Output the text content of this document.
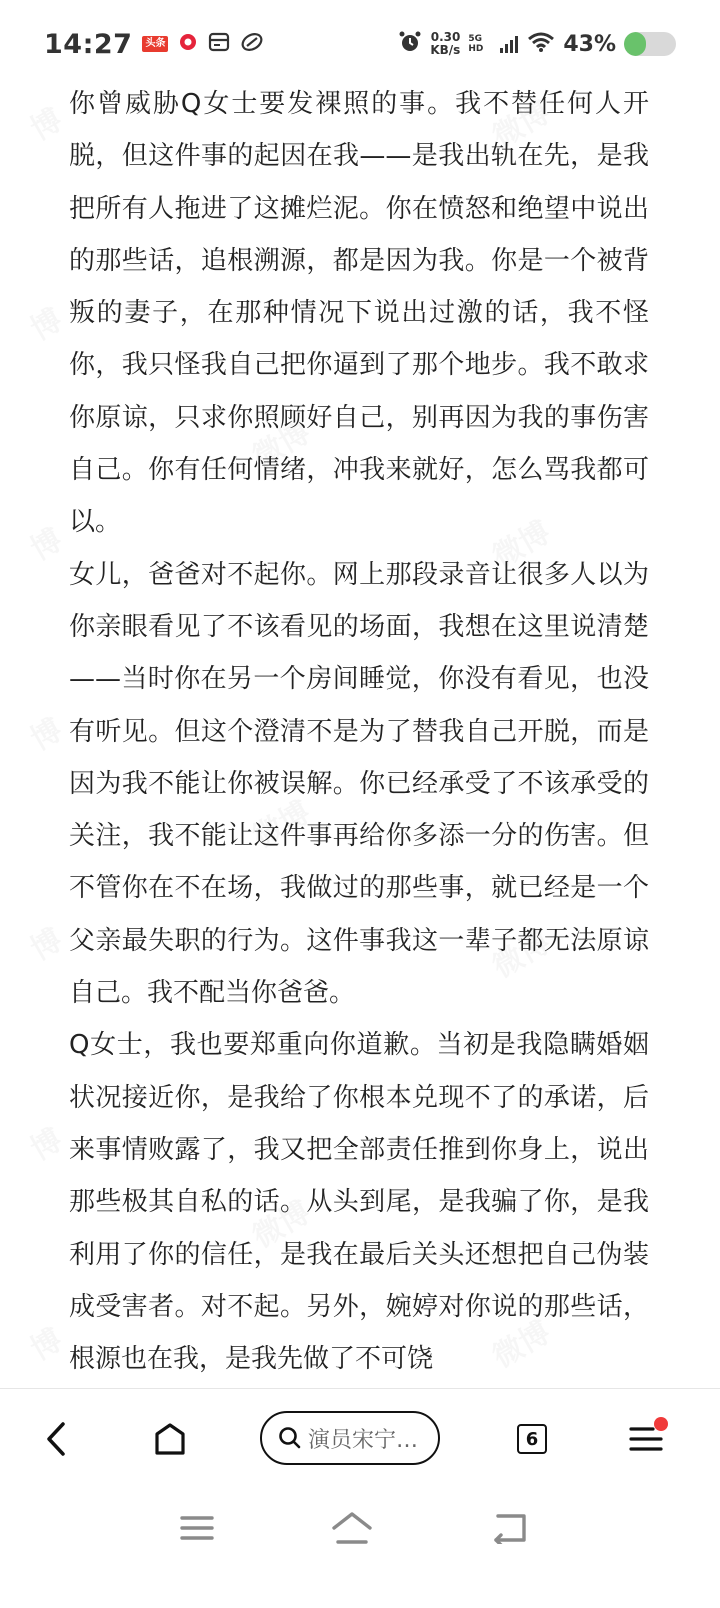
14:27	头条	0.30
KB/s
5G HD	43%

你曾威胁Q女士要发裸照的事。我不替任何人开脱，但这件事的起因在我——是我出轨在先，是我把所有人拖进了这摊烂泥。你在愤怒和绝望中说出的那些话，追根溯源，都是因为我。你是一个被背叛的妻子，在那种情况下说出过激的话，我不怪你，我只怪我自己把你逼到了那个地步。我不敢求你原谅，只求你照顾好自己，别再因为我的事伤害自己。你有任何情绪，冲我来就好，怎么骂我都可以。

女儿，爸爸对不起你。网上那段录音让很多人以为你亲眼看见了不该看见的场面，我想在这里说清楚——当时你在另一个房间睡觉，你没有看见，也没有听见。但这个澄清不是为了替我自己开脱，而是因为我不能让你被误解。你已经承受了不该承受的关注，我不能让这件事再给你多添一分的伤害。但不管你在不在场，我做过的那些事，就已经是一个父亲最失职的行为。这件事我这一辈子都无法原谅自己。我不配当你爸爸。

Q女士，我也要郑重向你道歉。当初是我隐瞒婚姻状况接近你，是我给了你根本兑现不了的承诺，后来事情败露了，我又把全部责任推到你身上，说出那些极其自私的话。从头到尾，是我骗了你，是我利用了你的信任，是我在最后关头还想把自己伪装成受害者。对不起。另外，婉婷对你说的那些话，根源也在我，是我先做了不可饶

演员宋宁…	6
